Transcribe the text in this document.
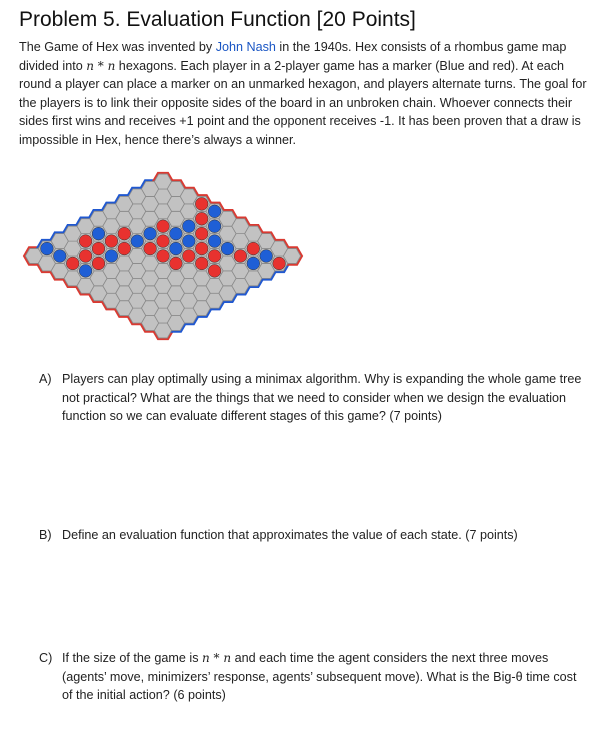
Problem 5. Evaluation Function [20 Points]

The Game of Hex was invented by John Nash in the 1940s. Hex consists of a rhombus game map divided into n * n hexagons. Each player in a 2-player game has a marker (Blue and red). At each round a player can place a marker on an unmarked hexagon, and players alternate turns. The goal for the players is to link their opposite sides of the board in an unbroken chain. Whoever connects their sides first wins and receives +1 point and the opponent receives -1. It has been proven that a draw is impossible in Hex, hence there’s always a winner.

A) Players can play optimally using a minimax algorithm. Why is expanding the whole game tree not practical? What are the things that we need to consider when we design the evaluation function so we can evaluate different stages of this game? (7 points)
B) Define an evaluation function that approximates the value of each state. (7 points)
C) If the size of the game is n * n and each time the agent considers the next three moves (agents’ move, minimizers’ response, agents’ subsequent move). What is the Big-θ time cost of the initial action? (6 points)
